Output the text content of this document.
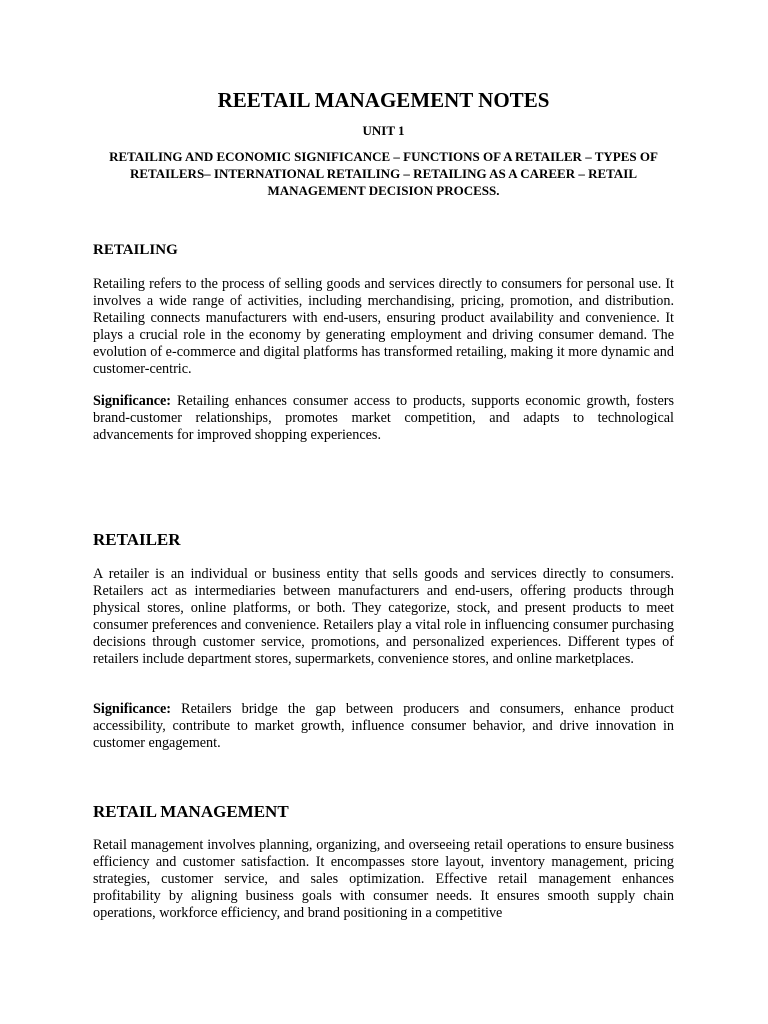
REETAIL MANAGEMENT NOTES
UNIT 1
RETAILING AND ECONOMIC SIGNIFICANCE – FUNCTIONS OF A RETAILER – TYPES OF RETAILERS– INTERNATIONAL RETAILING – RETAILING AS A CAREER – RETAIL MANAGEMENT DECISION PROCESS.
RETAILING

Retailing refers to the process of selling goods and services directly to consumers for personal use. It involves a wide range of activities, including merchandising, pricing, promotion, and distribution. Retailing connects manufacturers with end-users, ensuring product availability and convenience. It plays a crucial role in the economy by generating employment and driving consumer demand. The evolution of e-commerce and digital platforms has transformed retailing, making it more dynamic and customer-centric.

Significance: Retailing enhances consumer access to products, supports economic growth, fosters brand-customer relationships, promotes market competition, and adapts to technological advancements for improved shopping experiences.

RETAILER

A retailer is an individual or business entity that sells goods and services directly to consumers. Retailers act as intermediaries between manufacturers and end-users, offering products through physical stores, online platforms, or both. They categorize, stock, and present products to meet consumer preferences and convenience. Retailers play a vital role in influencing consumer purchasing decisions through customer service, promotions, and personalized experiences. Different types of retailers include department stores, supermarkets, convenience stores, and online marketplaces.

Significance: Retailers bridge the gap between producers and consumers, enhance product accessibility, contribute to market growth, influence consumer behavior, and drive innovation in customer engagement.

RETAIL MANAGEMENT

Retail management involves planning, organizing, and overseeing retail operations to ensure business efficiency and customer satisfaction. It encompasses store layout, inventory management, pricing strategies, customer service, and sales optimization. Effective retail management enhances profitability by aligning business goals with consumer needs. It ensures smooth supply chain operations, workforce efficiency, and brand positioning in a competitive
